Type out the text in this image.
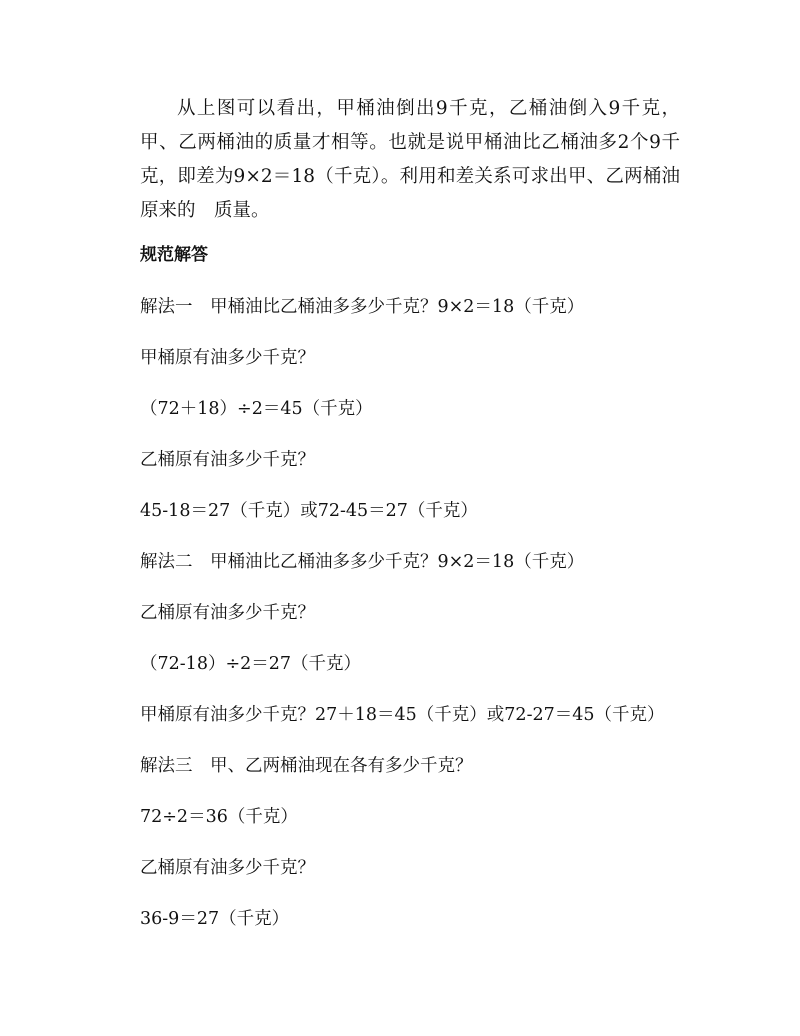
从上图可以看出，甲桶油倒出9千克，乙桶油倒入9千克，甲、乙两桶油的质量才相等。也就是说甲桶油比乙桶油多2个9千克，即差为9×2＝18（千克）。利用和差关系可求出甲、乙两桶油原来的　质量。

规范解答

解法一　甲桶油比乙桶油多多少千克？9×2＝18（千克）

甲桶原有油多少千克？

（72＋18）÷2＝45（千克）

乙桶原有油多少千克？

45-18＝27（千克）或72-45＝27（千克）

解法二　甲桶油比乙桶油多多少千克？9×2＝18（千克）

乙桶原有油多少千克？

（72-18）÷2＝27（千克）

甲桶原有油多少千克？27＋18＝45（千克）或72-27＝45（千克）

解法三　甲、乙两桶油现在各有多少千克？

72÷2＝36（千克）

乙桶原有油多少千克？

36-9＝27（千克）
